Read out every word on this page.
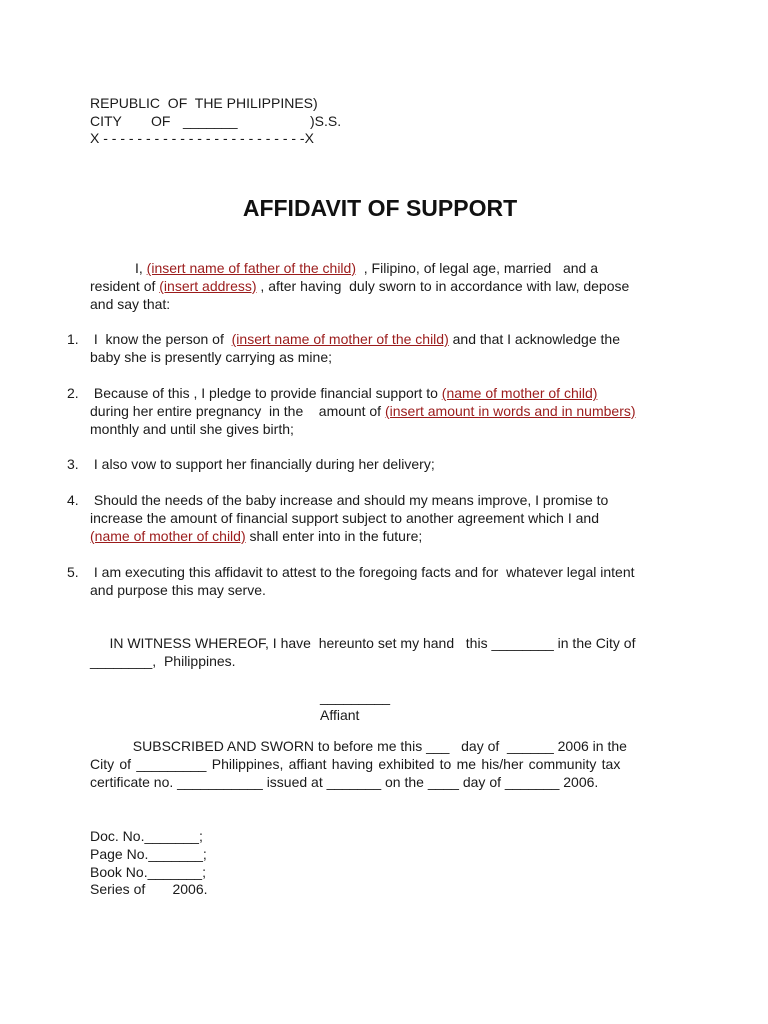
REPUBLIC  OF  THE PHILIPPINES)
CITY OF _______	)S.S.
X - - - - - - - - - - - - - - - - - - - - - - - -X
AFFIDAVIT OF SUPPORT
I, (insert name of father of the child)  , Filipino, of legal age, married   and a
resident of (insert address) , after having  duly sworn to in accordance with law, depose
and say that:
1. I  know the person of  (insert name of mother of the child) and that I acknowledge the
baby she is presently carrying as mine;
2. Because of this , I pledge to provide financial support to (name of mother of child)
during her entire pregnancy  in the    amount of (insert amount in words and in numbers)
monthly and until she gives birth;
3. I also vow to support her financially during her delivery;
4. Should the needs of the baby increase and should my means improve, I promise to
increase the amount of financial support subject to another agreement which I and
(name of mother of child) shall enter into in the future;
5. I am executing this affidavit to attest to the foregoing facts and for  whatever legal intent
and purpose this may serve.
IN WITNESS WHEREOF, I have  hereunto set my hand   this ________ in the City of
________,  Philippines.
_________
Affiant
SUBSCRIBED AND SWORN to before me this ___   day of  ______ 2006 in the
City of _________ Philippines, affiant having exhibited to me his/her community tax
certificate no. ___________ issued at _______ on the ____ day of _______ 2006.
Doc. No._______;
Page No._______;
Book No._______;
Series of       2006.
